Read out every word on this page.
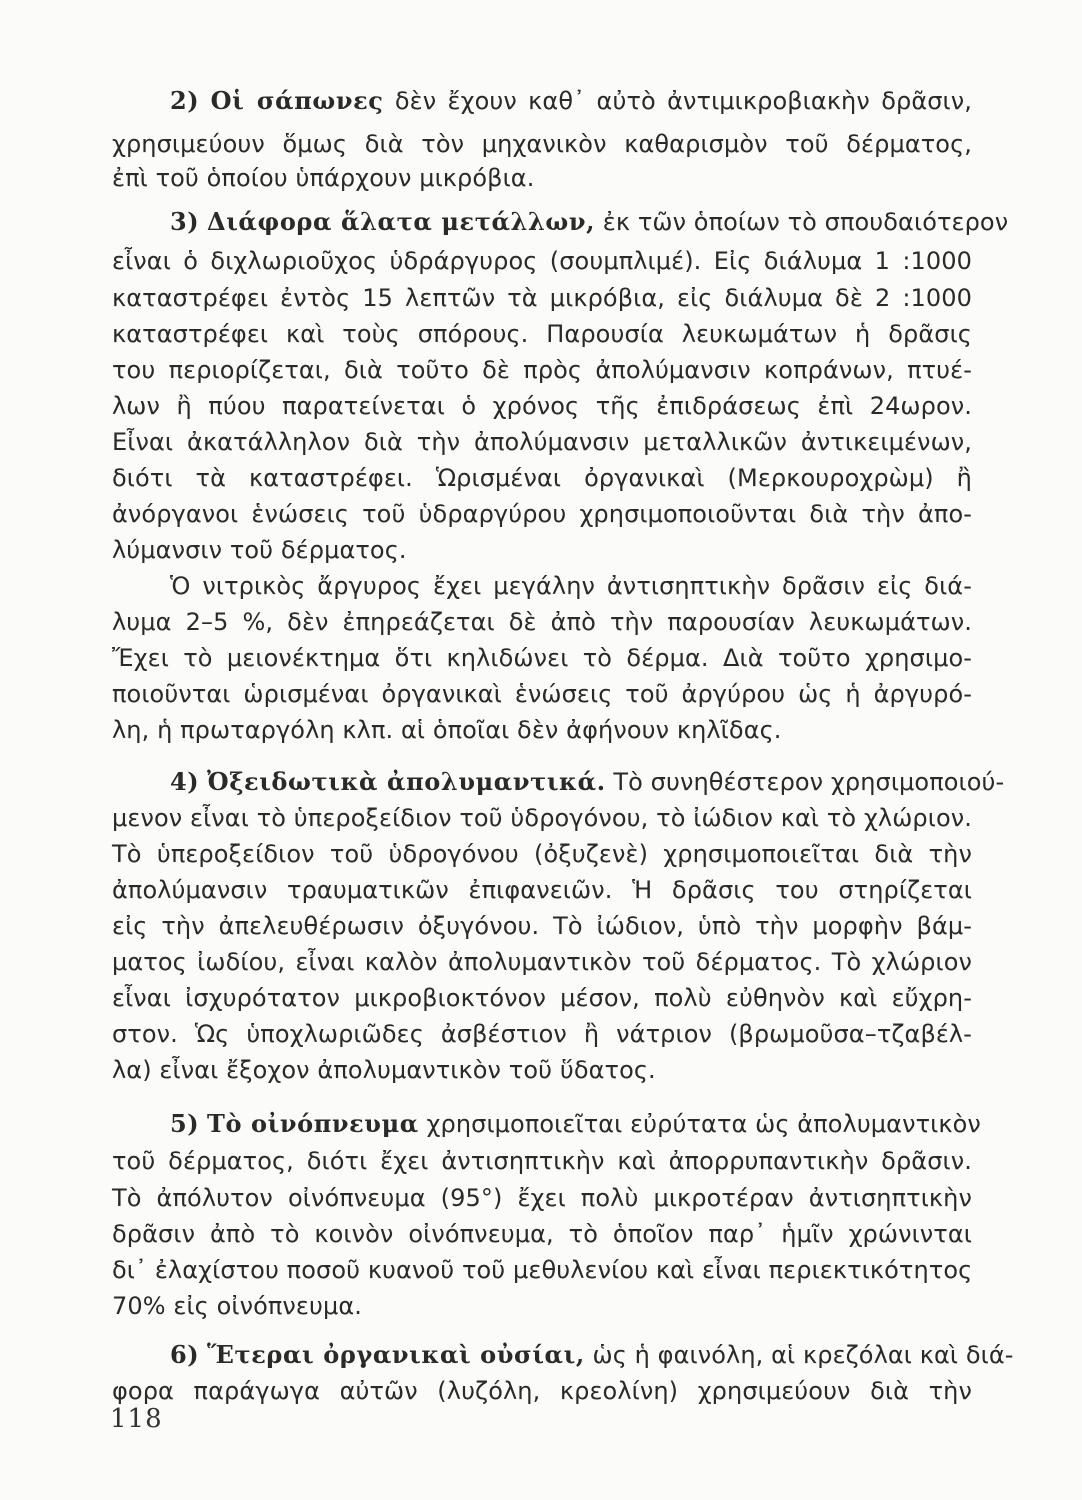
2) Οἱ σάπωνες δὲν ἔχουν καθ᾽ αὐτὸ ἀντιμικροβιακὴν δρᾶσιν,
χρησιμεύουν ὅμως διὰ τὸν μηχανικὸν καθαρισμὸν τοῦ δέρματος,
ἐπὶ τοῦ ὁποίου ὑπάρχουν μικρόβια.
3) Διάφορα ἅλατα μετάλλων, ἐκ τῶν ὁποίων τὸ σπουδαιότερον
εἶναι ὁ διχλωριοῦχος ὑδράργυρος (σουμπλιμέ). Εἰς διάλυμα 1 :1000
καταστρέφει ἐντὸς 15 λεπτῶν τὰ μικρόβια, εἰς διάλυμα δὲ 2 :1000
καταστρέφει καὶ τοὺς σπόρους. Παρουσία λευκωμάτων ἡ δρᾶσις
του περιορίζεται, διὰ τοῦτο δὲ πρὸς ἀπολύμανσιν κοπράνων, πτυέ-
λων ἢ πύου παρατείνεται ὁ χρόνος τῆς ἐπιδράσεως ἐπὶ 24ωρον.
Εἶναι ἀκατάλληλον διὰ τὴν ἀπολύμανσιν μεταλλικῶν ἀντικειμένων,
διότι τὰ καταστρέφει. Ὡρισμέναι ὀργανικαὶ (Μερκουροχρὼμ) ἢ
ἀνόργανοι ἑνώσεις τοῦ ὑδραργύρου χρησιμοποιοῦνται διὰ τὴν ἀπο-
λύμανσιν τοῦ δέρματος.
Ὁ νιτρικὸς ἄργυρος ἔχει μεγάλην ἀντισηπτικὴν δρᾶσιν εἰς διά-
λυμα 2–5 %, δὲν ἐπηρεάζεται δὲ ἀπὸ τὴν παρουσίαν λευκωμάτων.
Ἔχει τὸ μειονέκτημα ὅτι κηλιδώνει τὸ δέρμα. Διὰ τοῦτο χρησιμο-
ποιοῦνται ὡρισμέναι ὀργανικαὶ ἑνώσεις τοῦ ἀργύρου ὡς ἡ ἀργυρό-
λη, ἡ πρωταργόλη κλπ. αἱ ὁποῖαι δὲν ἀφήνουν κηλῖδας.
4) Ὀξειδωτικὰ ἀπολυμαντικά. Τὸ συνηθέστερον χρησιμοποιού-
μενον εἶναι τὸ ὑπεροξείδιον τοῦ ὑδρογόνου, τὸ ἰώδιον καὶ τὸ χλώριον.
Τὸ ὑπεροξείδιον τοῦ ὑδρογόνου (ὀξυζενὲ) χρησιμοποιεῖται διὰ τὴν
ἀπολύμανσιν τραυματικῶν ἐπιφανειῶν. Ἡ δρᾶσις του στηρίζεται
εἰς τὴν ἀπελευθέρωσιν ὀξυγόνου. Τὸ ἰώδιον, ὑπὸ τὴν μορφὴν βάμ-
ματος ἰωδίου, εἶναι καλὸν ἀπολυμαντικὸν τοῦ δέρματος. Τὸ χλώριον
εἶναι ἰσχυρότατον μικροβιοκτόνον μέσον, πολὺ εὐθηνὸν καὶ εὔχρη-
στον. Ὡς ὑποχλωριῶδες ἀσβέστιον ἢ νάτριον (βρωμοῦσα–τζαβέλ-
λα) εἶναι ἔξοχον ἀπολυμαντικὸν τοῦ ὕδατος.
5) Τὸ οἰνόπνευμα χρησιμοποιεῖται εὐρύτατα ὡς ἀπολυμαντικὸν
τοῦ δέρματος, διότι ἔχει ἀντισηπτικὴν καὶ ἀπορρυπαντικὴν δρᾶσιν.
Τὸ ἀπόλυτον οἰνόπνευμα (95°) ἔχει πολὺ μικροτέραν ἀντισηπτικὴν
δρᾶσιν ἀπὸ τὸ κοινὸν οἰνόπνευμα, τὸ ὁποῖον παρ᾽ ἡμῖν χρώνινται
δι᾽ ἐλαχίστου ποσοῦ κυανοῦ τοῦ μεθυλενίου καὶ εἶναι περιεκτικότητος
70% εἰς οἰνόπνευμα.
6) Ἕτεραι ὀργανικαὶ οὐσίαι, ὡς ἡ φαινόλη, αἱ κρεζόλαι καὶ διά-
φορα παράγωγα αὐτῶν (λυζόλη, κρεολίνη) χρησιμεύουν διὰ τὴν
118
